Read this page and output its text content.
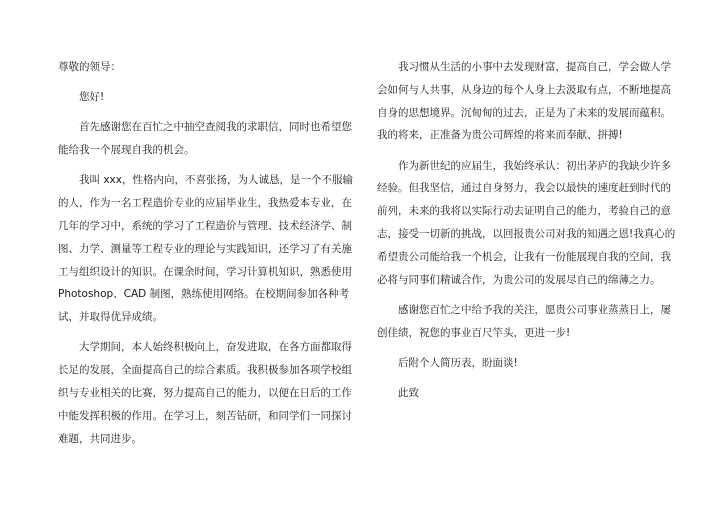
尊敬的领导：

您好!

首先感谢您在百忙之中抽空查阅我的求职信，同时也希望您能给我一个展现自我的机会。

我叫 xxx，性格内向，不喜张扬，为人诚恳，是一个不服输的人，作为一名工程造价专业的应届毕业生，我热爱本专业，在几年的学习中，系统的学习了工程造价与管理、技术经济学、制图、力学、测量等工程专业的理论与实践知识，还学习了有关施工与组织设计的知识。在课余时间，学习计算机知识，熟悉使用 Photoshop、CAD 制图，熟练使用网络。在校期间参加各种考试，并取得优异成绩。

大学期间，本人始终积极向上，奋发进取，在各方面都取得长足的发展，全面提高自己的综合素质。我积极参加各项学校组织与专业相关的比赛，努力提高自己的能力，以便在日后的工作中能发挥积极的作用。在学习上，刻苦钻研，和同学们一同探讨难题，共同进步。

我习惯从生活的小事中去发现财富，提高自己，学会做人学会如何与人共事，从身边的每个人身上去汲取有点，不断地提高自身的思想境界。沉甸甸的过去，正是为了未来的发展而蕴积。我的将来，正准备为贵公司辉煌的将来而奉献、拼搏!

作为新世纪的应届生，我始终承认：初出茅庐的我缺少许多经验。但我坚信，通过自身努力，我会以最快的速度赶到时代的前列，未来的我将以实际行动去证明自己的能力，考验自己的意志，接受一切新的挑战，以回报贵公司对我的知遇之恩!我真心的希望贵公司能给我一个机会，让我有一份能展现自我的空间，我必将与同事们精诚合作，为贵公司的发展尽自己的绵薄之力。

感谢您百忙之中给予我的关注，愿贵公司事业蒸蒸日上，屡创佳绩，祝您的事业百尺竿头，更进一步!

后附个人简历表，盼面谈!

此致
